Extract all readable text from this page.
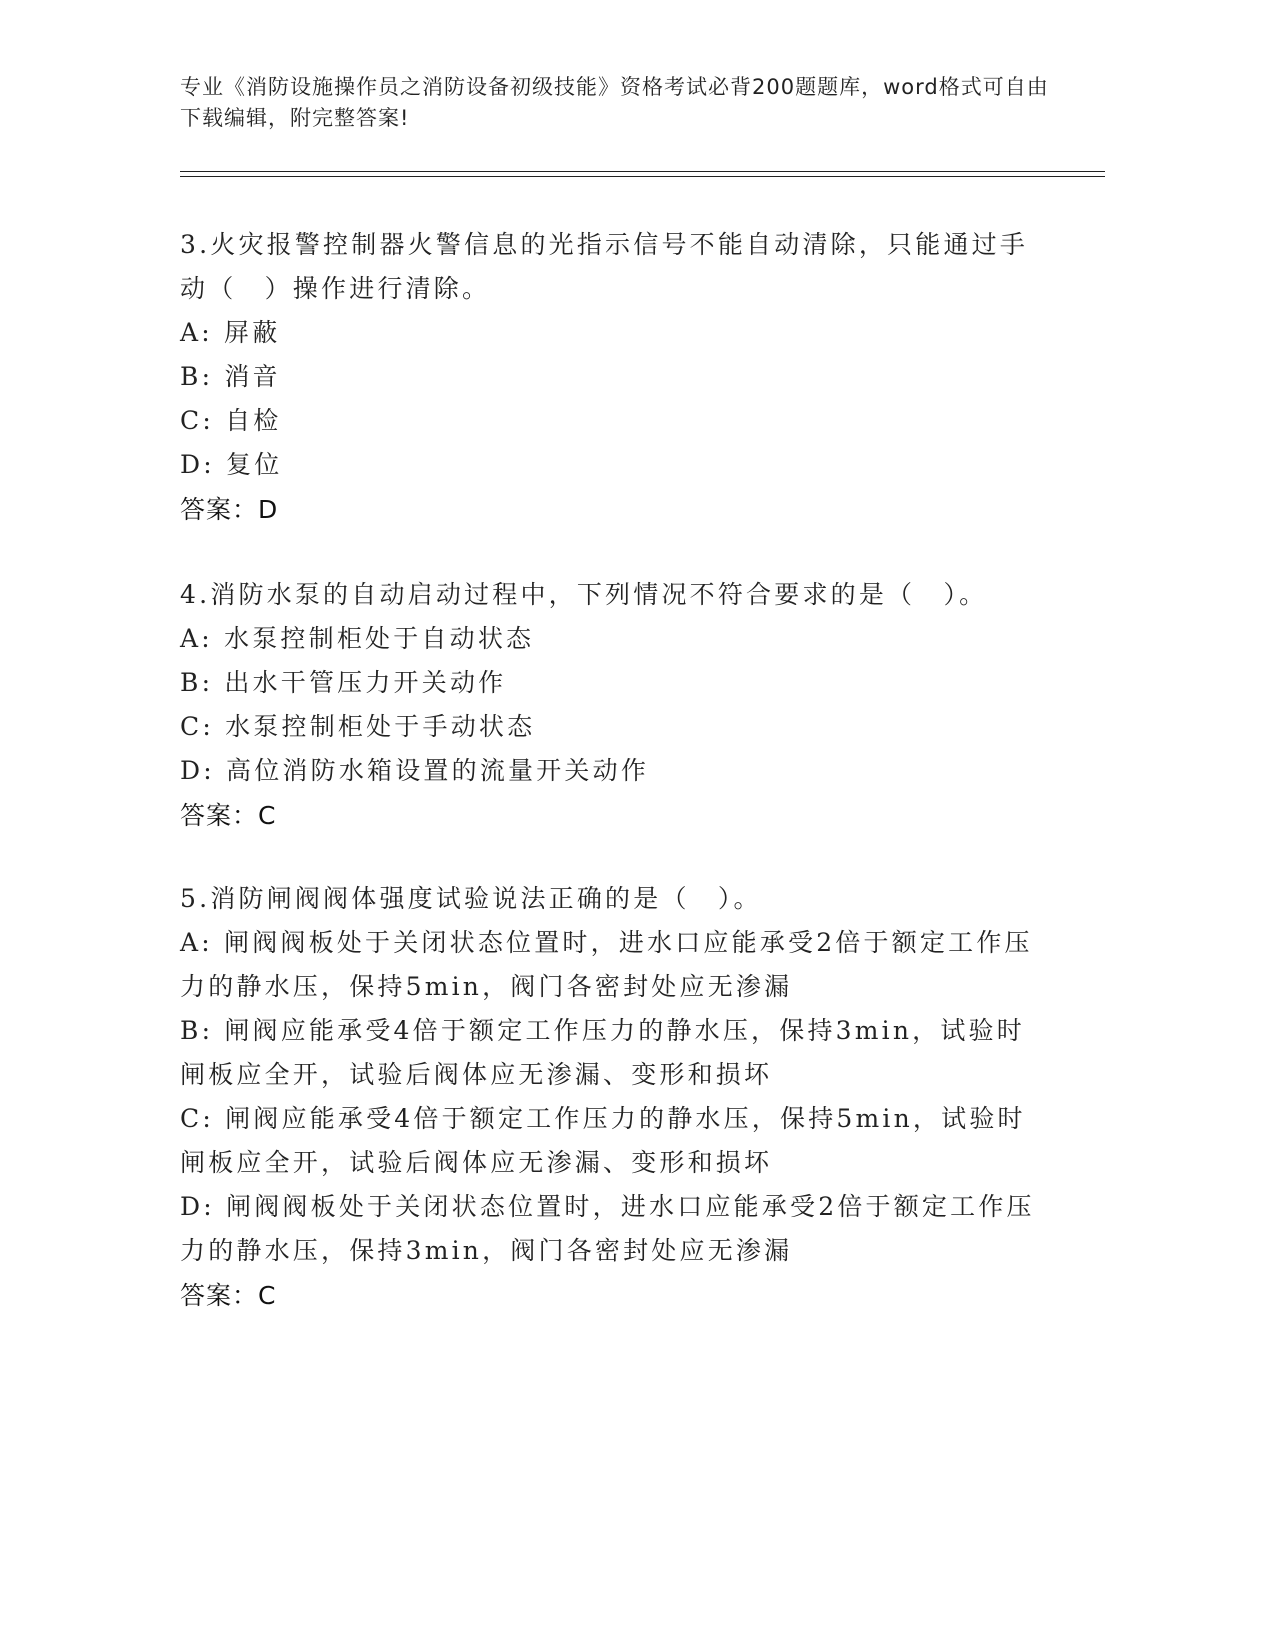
专业《消防设施操作员之消防设备初级技能》资格考试必背200题题库，word格式可自由下载编辑，附完整答案!
3.火灾报警控制器火警信息的光指示信号不能自动清除，只能通过手动（　）操作进行清除。
A: 屏蔽
B: 消音
C: 自检
D: 复位
答案：D
4.消防水泵的自动启动过程中，下列情况不符合要求的是（　）。
A: 水泵控制柜处于自动状态
B: 出水干管压力开关动作
C: 水泵控制柜处于手动状态
D: 高位消防水箱设置的流量开关动作
答案：C
5.消防闸阀阀体强度试验说法正确的是（　）。
A: 闸阀阀板处于关闭状态位置时，进水口应能承受2倍于额定工作压力的静水压，保持5min，阀门各密封处应无渗漏
B: 闸阀应能承受4倍于额定工作压力的静水压，保持3min，试验时闸板应全开，试验后阀体应无渗漏、变形和损坏
C: 闸阀应能承受4倍于额定工作压力的静水压，保持5min，试验时闸板应全开，试验后阀体应无渗漏、变形和损坏
D: 闸阀阀板处于关闭状态位置时，进水口应能承受2倍于额定工作压力的静水压，保持3min，阀门各密封处应无渗漏
答案：C
